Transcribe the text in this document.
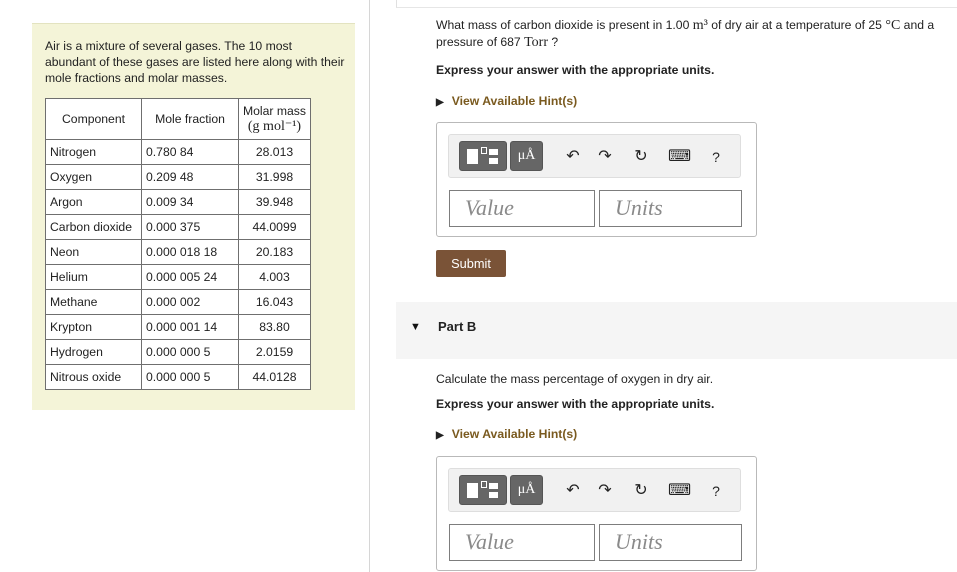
Air is a mixture of several gases. The 10 most abundant of these gases are listed here along with their mole fractions and molar masses.
Component	Mole fraction	Molar mass
(g mol⁻¹)

Nitrogen	0.780 84	28.013
Oxygen	0.209 48	31.998
Argon	0.009 34	39.948
Carbon dioxide	0.000 375	44.0099
Neon	0.000 018 18	20.183
Helium	0.000 005 24	4.003
Methane	0.000 002	16.043
Krypton	0.000 001 14	83.80
Hydrogen	0.000 000 5	2.0159
Nitrous oxide	0.000 000 5	44.0128
What mass of carbon dioxide is present in 1.00 m³ of dry air at a temperature of 25 °C and a pressure of 687 Torr ?
Express your answer with the appropriate units.
▶ View Available Hint(s)
μÅ	↶ ↷ ↻ ⌨	?
Value	Units
Submit
▼ Part B
Calculate the mass percentage of oxygen in dry air.
Express your answer with the appropriate units.
▶ View Available Hint(s)
μÅ	↶ ↷ ↻ ⌨	?
Value	Units
